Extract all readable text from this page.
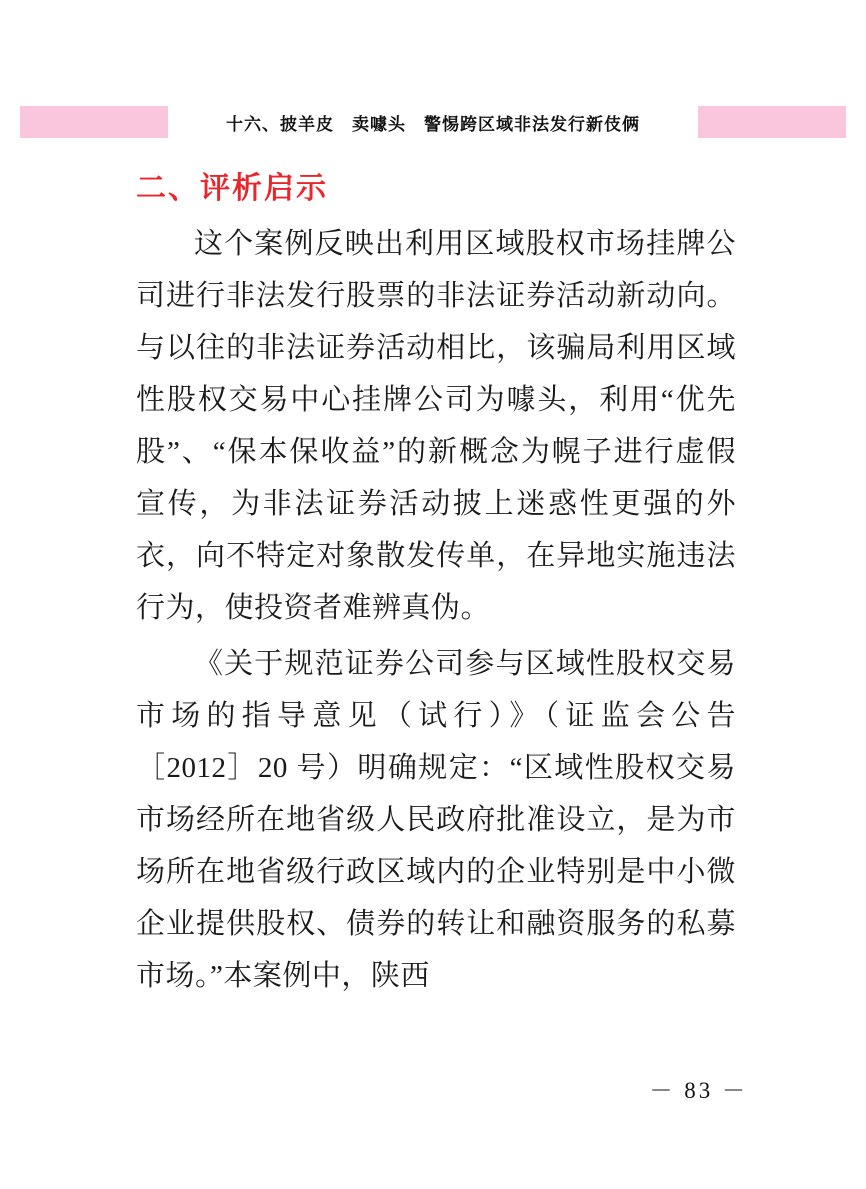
十六、披羊皮　卖噱头　警惕跨区域非法发行新伎俩
二、评析启示

这个案例反映出利用区域股权市场挂牌公司进行非法发行股票的非法证券活动新动向。与以往的非法证券活动相比，该骗局利用区域性股权交易中心挂牌公司为噱头，利用“优先股”、“保本保收益”的新概念为幌子进行虚假宣传，为非法证券活动披上迷惑性更强的外衣，向不特定对象散发传单，在异地实施违法行为，使投资者难辨真伪。

《关于规范证券公司参与区域性股权交易市场的指导意见（试行）》（证监会公告［2012］20 号）明确规定：“区域性股权交易市场经所在地省级人民政府批准设立，是为市场所在地省级行政区域内的企业特别是中小微企业提供股权、债券的转让和融资服务的私募市场。”本案例中，陕西

－ 83 －
